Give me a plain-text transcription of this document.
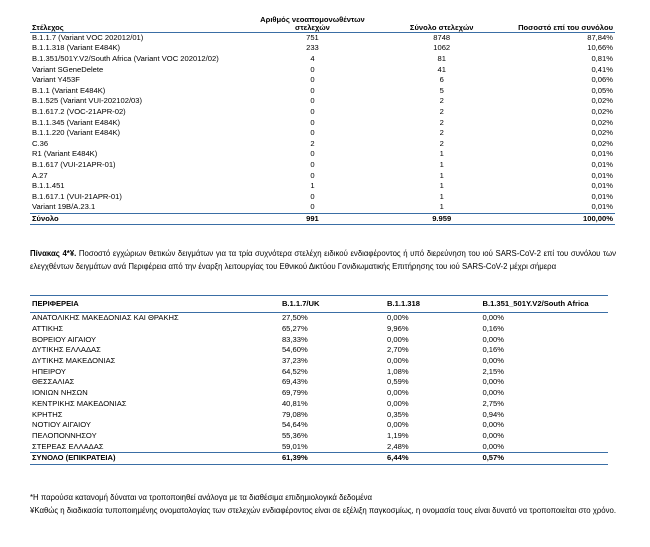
Στέλεχος	Αριθμός νεοαπομονωθέντων στελεχών	Σύνολο στελεχών	Ποσοστό επί του συνόλου
B.1.1.7 (Variant VOC 202012/01)	751	8748	87,84%
B.1.1.318 (Variant E484K)	233	1062	10,66%
B.1.351/501Y.V2/South Africa (Variant VOC 202012/02)	4	81	0,81%
Variant SGeneDelete	0	41	0,41%
Variant Y453F	0	6	0,06%
B.1.1 (Variant E484K)	0	5	0,05%
B.1.525 (Variant VUI-202102/03)	0	2	0,02%
B.1.617.2 (VOC-21APR-02)	0	2	0,02%
B.1.1.345 (Variant E484K)	0	2	0,02%
B.1.1.220 (Variant E484K)	0	2	0,02%
C.36	2	2	0,02%
R1 (Variant E484K)	0	1	0,01%
B.1.617 (VUI-21APR-01)	0	1	0,01%
A.27	0	1	0,01%
B.1.1.451	1	1	0,01%
B.1.617.1 (VUI-21APR-01)	0	1	0,01%
Variant 19B/A.23.1	0	1	0,01%
Σύνολο	991	9.959	100,00%
Πίνακας 4*¥. Ποσοστό εγχώριων θετικών δειγμάτων για τα τρία συχνότερα στελέχη ειδικού ενδιαφέροντος ή υπό διερεύνηση του ιού SARS-CoV-2 επί του συνόλου των ελεγχθέντων δειγμάτων ανά Περιφέρεια από την έναρξη λειτουργίας του Εθνικού Δικτύου Γονιδιωματικής Επιτήρησης του ιού SARS-CoV-2 μέχρι σήμερα
ΠΕΡΙΦΕΡΕΙΑ	B.1.1.7/UK	B.1.1.318	B.1.351_501Y.V2/South Africa
ΑΝΑΤΟΛΙΚΗΣ ΜΑΚΕΔΟΝΙΑΣ ΚΑΙ ΘΡΑΚΗΣ	27,50%	0,00%	0,00%
ΑΤΤΙΚΗΣ	65,27%	9,96%	0,16%
ΒΟΡΕΙΟΥ ΑΙΓΑΙΟΥ	83,33%	0,00%	0,00%
ΔΥΤΙΚΗΣ ΕΛΛΑΔΑΣ	54,60%	2,70%	0,16%
ΔΥΤΙΚΗΣ ΜΑΚΕΔΟΝΙΑΣ	37,23%	0,00%	0,00%
ΗΠΕΙΡΟΥ	64,52%	1,08%	2,15%
ΘΕΣΣΑΛΙΑΣ	69,43%	0,59%	0,00%
ΙΟΝΙΩΝ ΝΗΣΩΝ	69,79%	0,00%	0,00%
ΚΕΝΤΡΙΚΗΣ ΜΑΚΕΔΟΝΙΑΣ	40,81%	0,00%	2,75%
ΚΡΗΤΗΣ	79,08%	0,35%	0,94%
ΝΟΤΙΟΥ ΑΙΓΑΙΟΥ	54,64%	0,00%	0,00%
ΠΕΛΟΠΟΝΝΗΣΟΥ	55,36%	1,19%	0,00%
ΣΤΕΡΕΑΣ ΕΛΛΑΔΑΣ	59,01%	2,48%	0,00%
ΣΥΝΟΛΟ (ΕΠΙΚΡΑΤΕΙΑ)	61,39%	6,44%	0,57%
*Η παρούσα κατανομή δύναται να τροποποιηθεί ανάλογα με τα διαθέσιμα επιδημιολογικά δεδομένα
¥Καθώς η διαδικασία τυποποιημένης ονοματολογίας των στελεχών ενδιαφέροντος είναι σε εξέλιξη παγκοσμίως, η ονομασία τους είναι δυνατό να τροποποιείται στο χρόνο.
